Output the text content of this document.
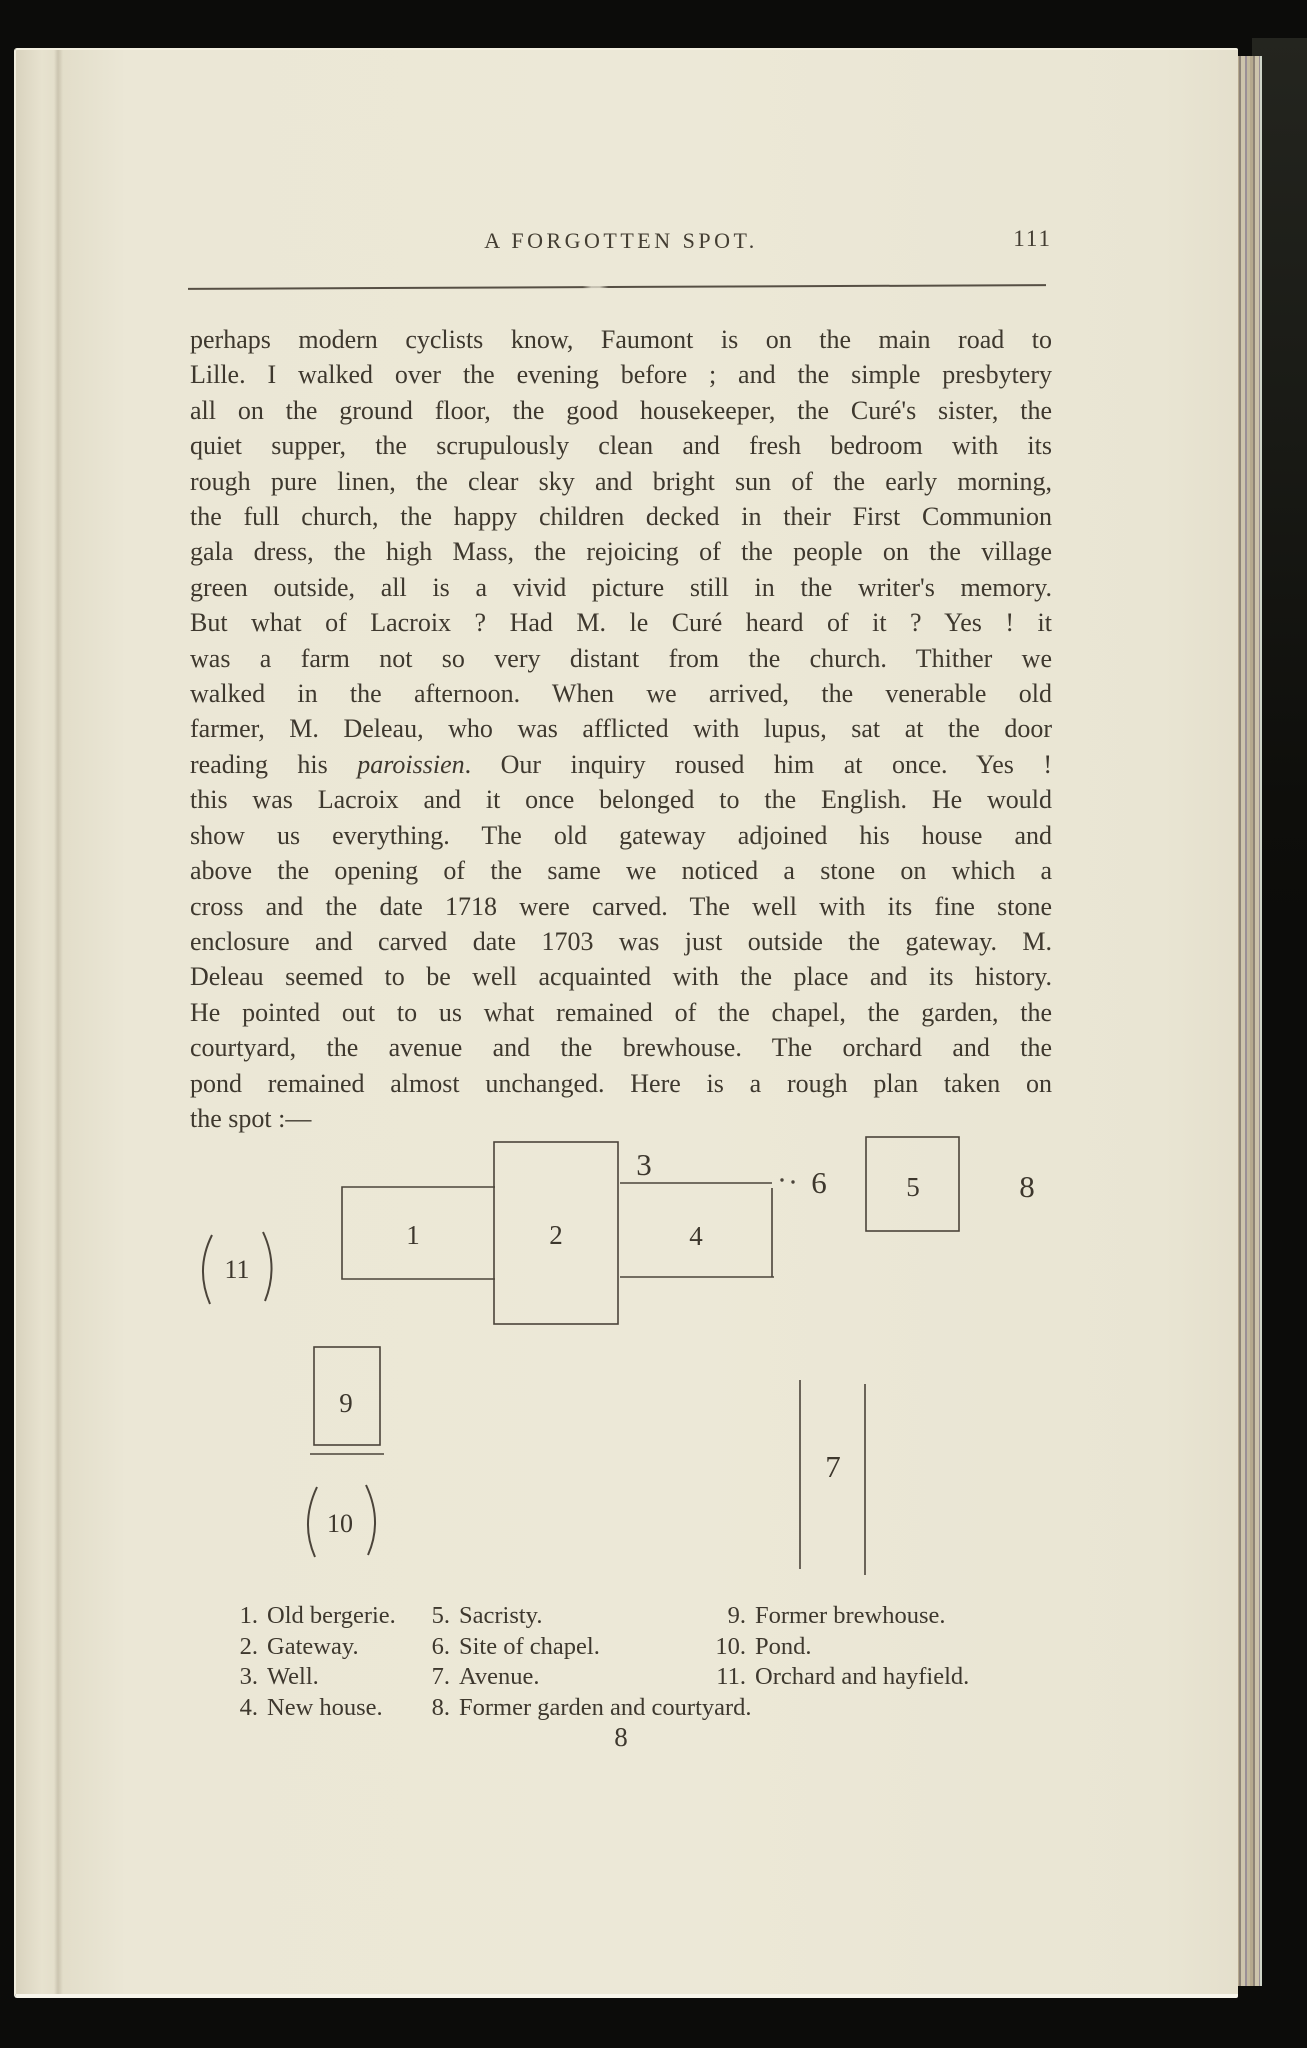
A FORGOTTEN SPOT.	111
perhaps modern cyclists know, Faumont is on the main road to
Lille. I walked over the evening before ; and the simple presbytery
all on the ground floor, the good housekeeper, the Curé's sister, the
quiet supper, the scrupulously clean and fresh bedroom with its
rough pure linen, the clear sky and bright sun of the early morning,
the full church, the happy children decked in their First Communion
gala dress, the high Mass, the rejoicing of the people on the village
green outside, all is a vivid picture still in the writer's memory.
But what of Lacroix ? Had M. le Curé heard of it ? Yes ! it
was a farm not so very distant from the church. Thither we
walked in the afternoon. When we arrived, the venerable old
farmer, M. Deleau, who was afflicted with lupus, sat at the door
reading his paroissien. Our inquiry roused him at once. Yes !
this was Lacroix and it once belonged to the English. He would
show us everything. The old gateway adjoined his house and
above the opening of the same we noticed a stone on which a
cross and the date 1718 were carved. The well with its fine stone
enclosure and carved date 1703 was just outside the gateway. M.
Deleau seemed to be well acquainted with the place and its history.
He pointed out to us what remained of the chapel, the garden, the
courtyard, the avenue and the brewhouse. The orchard and the
pond remained almost unchanged. Here is a rough plan taken on
the spot :—
1	2
3
4
5
6
7
8
9
10
11
1. Old bergerie.
2. Gateway.
3. Well.
4. New house.
5. Sacristy.
6. Site of chapel.
7. Avenue.
8. Former garden and courtyard.
9. Former brewhouse.
10. Pond.
11. Orchard and hayfield.
8
